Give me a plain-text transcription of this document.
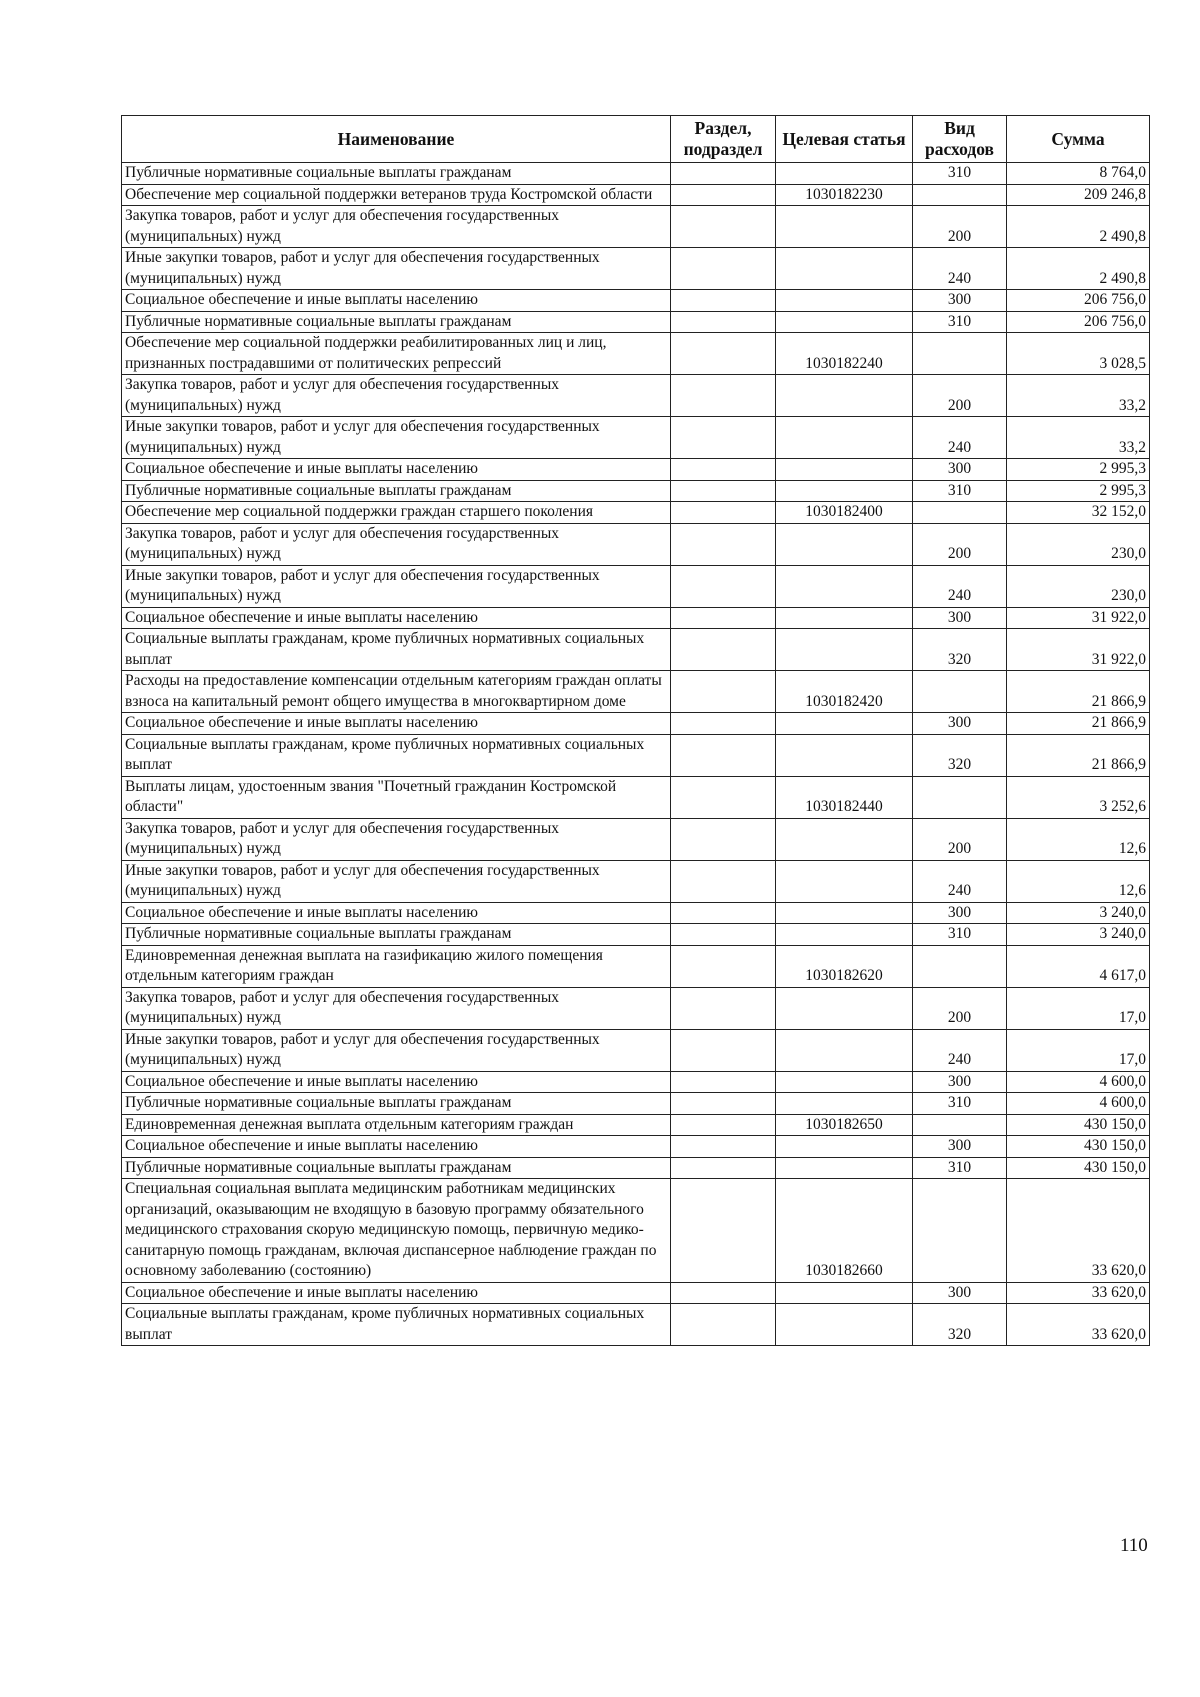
Наименование	Раздел, подраздел	Целевая статья	Вид расходов	Сумма
Публичные нормативные социальные выплаты гражданам			310	8 764,0
Обеспечение мер социальной поддержки ветеранов труда Костромской области		1030182230		209 246,8
Закупка товаров, работ и услуг для обеспечения государственных (муниципальных) нужд			200	2 490,8
Иные закупки товаров, работ и услуг для обеспечения государственных (муниципальных) нужд			240	2 490,8
Социальное обеспечение и иные выплаты населению			300	206 756,0
Публичные нормативные социальные выплаты гражданам			310	206 756,0
Обеспечение мер социальной поддержки реабилитированных лиц и лиц, признанных пострадавшими от политических репрессий		1030182240		3 028,5
Закупка товаров, работ и услуг для обеспечения государственных (муниципальных) нужд			200	33,2
Иные закупки товаров, работ и услуг для обеспечения государственных (муниципальных) нужд			240	33,2
Социальное обеспечение и иные выплаты населению			300	2 995,3
Публичные нормативные социальные выплаты гражданам			310	2 995,3
Обеспечение мер социальной поддержки граждан старшего поколения		1030182400		32 152,0
Закупка товаров, работ и услуг для обеспечения государственных (муниципальных) нужд			200	230,0
Иные закупки товаров, работ и услуг для обеспечения государственных (муниципальных) нужд			240	230,0
Социальное обеспечение и иные выплаты населению			300	31 922,0
Социальные выплаты гражданам, кроме публичных нормативных социальных выплат			320	31 922,0
Расходы на предоставление компенсации отдельным категориям граждан оплаты взноса на капитальный ремонт общего имущества в многоквартирном доме		1030182420		21 866,9
Социальное обеспечение и иные выплаты населению			300	21 866,9
Социальные выплаты гражданам, кроме публичных нормативных социальных выплат			320	21 866,9
Выплаты лицам, удостоенным звания "Почетный гражданин Костромской области"		1030182440		3 252,6
Закупка товаров, работ и услуг для обеспечения государственных (муниципальных) нужд			200	12,6
Иные закупки товаров, работ и услуг для обеспечения государственных (муниципальных) нужд			240	12,6
Социальное обеспечение и иные выплаты населению			300	3 240,0
Публичные нормативные социальные выплаты гражданам			310	3 240,0
Единовременная денежная выплата на газификацию жилого помещения отдельным категориям граждан		1030182620		4 617,0
Закупка товаров, работ и услуг для обеспечения государственных (муниципальных) нужд			200	17,0
Иные закупки товаров, работ и услуг для обеспечения государственных (муниципальных) нужд			240	17,0
Социальное обеспечение и иные выплаты населению			300	4 600,0
Публичные нормативные социальные выплаты гражданам			310	4 600,0
Единовременная денежная выплата отдельным категориям граждан		1030182650		430 150,0
Социальное обеспечение и иные выплаты населению			300	430 150,0
Публичные нормативные социальные выплаты гражданам			310	430 150,0
Специальная социальная выплата медицинским работникам медицинских организаций, оказывающим не входящую в базовую программу обязательного медицинского страхования скорую медицинскую помощь, первичную медико-санитарную помощь гражданам, включая диспансерное наблюдение граждан по основному заболеванию (состоянию)		1030182660		33 620,0
Социальное обеспечение и иные выплаты населению			300	33 620,0
Социальные выплаты гражданам, кроме публичных нормативных социальных выплат			320	33 620,0
110
